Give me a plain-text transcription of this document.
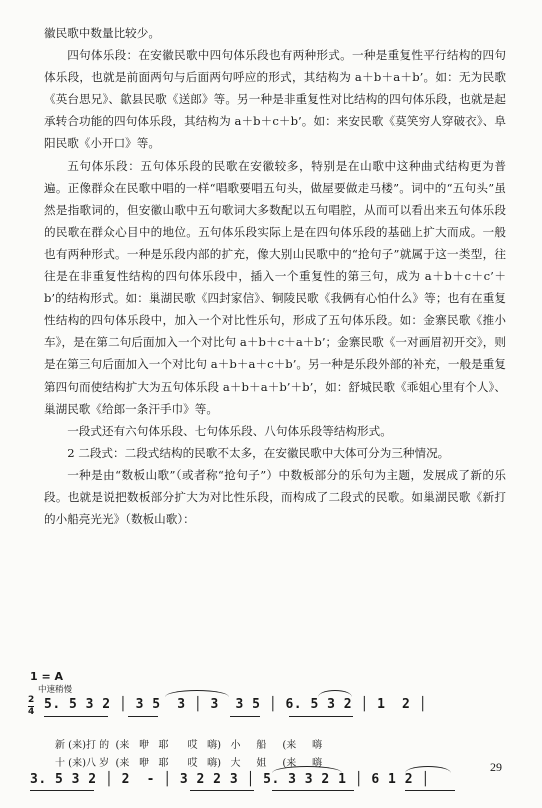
徽民歌中数量比较少。

四句体乐段：在安徽民歌中四句体乐段也有两种形式。一种是重复性平行结构的四句体乐段，也就是前面两句与后面两句呼应的形式，其结构为 a＋b＋a＋b’。如：无为民歌《英台思兄》、歙县民歌《送郎》等。另一种是非重复性对比结构的四句体乐段，也就是起承转合功能的四句体乐段，其结构为 a＋b＋c＋b’。如：来安民歌《莫笑穷人穿破衣》、阜阳民歌《小开口》等。

五句体乐段：五句体乐段的民歌在安徽较多，特别是在山歌中这种曲式结构更为普遍。正像群众在民歌中唱的一样“唱歌要唱五句头，做屋要做走马楼”。词中的“五句头”虽然是指歌词的，但安徽山歌中五句歌词大多数配以五句唱腔，从而可以看出来五句体乐段的民歌在群众心目中的地位。五句体乐段实际上是在四句体乐段的基础上扩大而成。一般也有两种形式。一种是乐段内部的扩充，像大别山民歌中的“抢句子”就属于这一类型，往往是在非重复性结构的四句体乐段中，插入一个重复性的第三句，成为 a＋b＋c＋c’＋b’的结构形式。如：巢湖民歌《四封家信》、铜陵民歌《我俩有心怕什么》等；也有在重复性结构的四句体乐段中，加入一个对比性乐句，形成了五句体乐段。如：金寨民歌《推小车》，是在第二句后面加入一个对比句 a＋b＋c＋a＋b’；金寨民歌《一对画眉初开交》，则是在第三句后面加入一个对比句 a＋b＋a＋c＋b’。另一种是乐段外部的补充，一般是重复第四句而使结构扩大为五句体乐段 a＋b＋a＋b’＋b’，如：舒城民歌《乖姐心里有个人》、巢湖民歌《给郎一条汗手巾》等。

一段式还有六句体乐段、七句体乐段、八句体乐段等结构形式。

2 二段式：二段式结构的民歌不太多，在安徽民歌中大体可分为三种情况。

一种是由“数板山歌”（或者称“抢句子”）中数板部分的乐句为主题，发展成了新的乐段。也就是说把数板部分扩大为对比性乐段，而构成了二段式的民歌。如巢湖民歌《新打的小船亮光光》（数板山歌）：

1 = A
中速稍慢
2
4 5. 5 3 2 │ 3 5  3 │ 3  3 5 │ 6. 5 3 2 │ 1  2 │
新 (来)打 的  (来   咿   耶      哎   嗨)   小     船     (来     嗨
十 (来)八 岁  (来   咿   耶      哎   嗨)   大     姐     (来     嗨
3. 5 3 2 │ 2  - │ 3 2 2 3 │ 5. 3 3 2 1 │ 6 1 2 │
29
